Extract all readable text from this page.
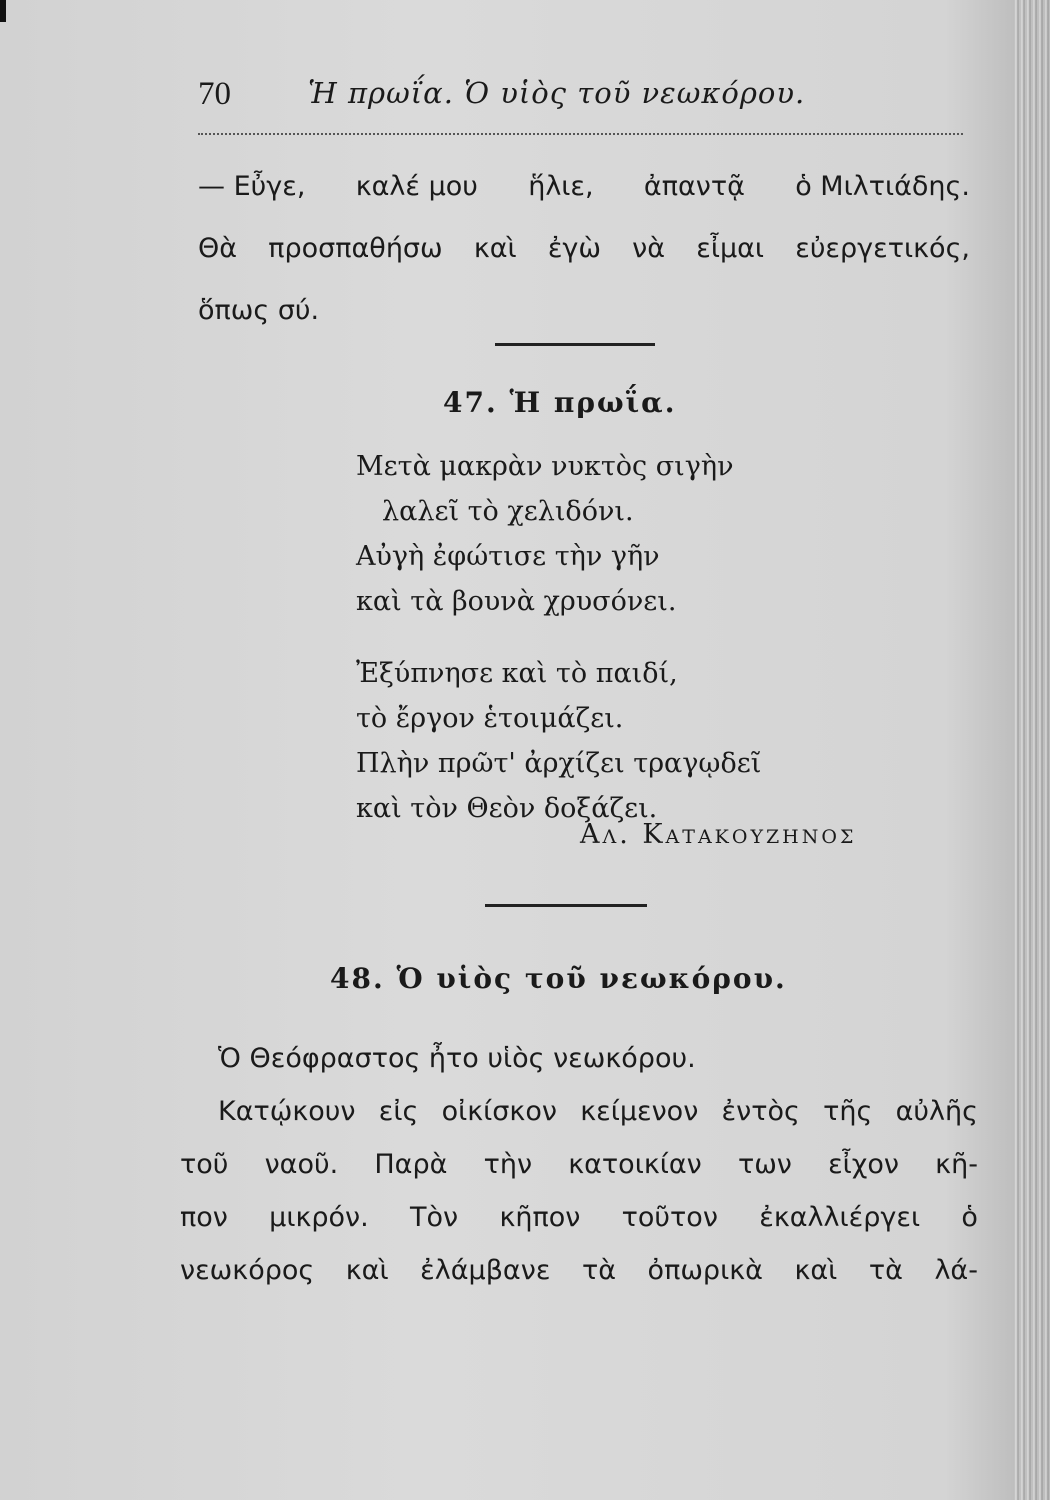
70	Ἡ πρωΐα. Ὁ υἱὸς τοῦ νεωκόρου.
— Εὖγε, καλέ μου ἥλιε, ἀπαντᾷ ὁ Μιλτιάδης.
Θὰ προσπαθήσω καὶ ἐγὼ νὰ εἶμαι εὐεργετικός,
ὅπως σύ.
47. Ἡ πρωΐα.
Μετὰ μακρὰν νυκτὸς σιγὴν
λαλεῖ τὸ χελιδόνι.
Αὐγὴ ἐφώτισε τὴν γῆν
καὶ τὰ βουνὰ χρυσόνει.
Ἐξύπνησε καὶ τὸ παιδί,
τὸ ἔργον ἑτοιμάζει.
Πλὴν πρῶτ' ἀρχίζει τραγῳδεῖ
καὶ τὸν Θεὸν δοξάζει.
Αλ. Κατακουζηνος
48. Ὁ υἱὸς τοῦ νεωκόρου.
Ὁ Θεόφραστος ἦτο υἱὸς νεωκόρου.
Κατῴκουν εἰς οἰκίσκον κείμενον ἐντὸς τῆς αὐλῆς
τοῦ ναοῦ. Παρὰ τὴν κατοικίαν των εἶχον κῆ-
πον μικρόν. Τὸν κῆπον τοῦτον ἐκαλλιέργει ὁ
νεωκόρος καὶ ἐλάμβανε τὰ ὀπωρικὰ καὶ τὰ λά-
